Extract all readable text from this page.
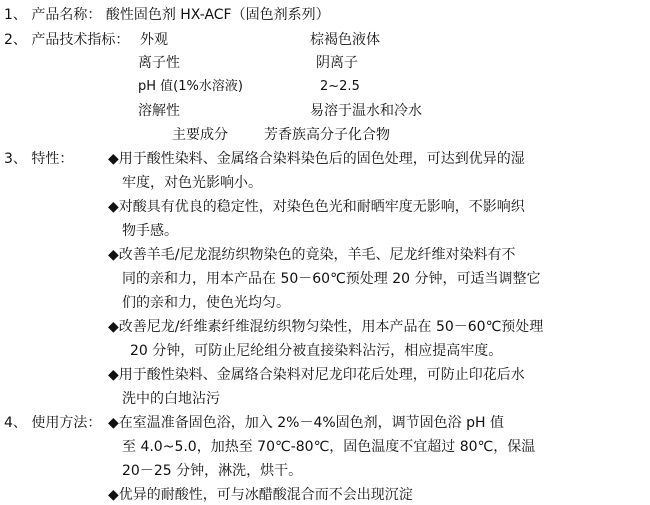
1、 产品名称： 酸性固色剂 HX-ACF（固色剂系列）
2、 产品技术指标： 外观	棕褐色液体
离子性	阴离子
pH 值(1%水溶液)	2~2.5
溶解性	易溶于温水和冷水
主要成分	芳香族高分子化合物
3、 特性： ◆用于酸性染料、金属络合染料染色后的固色处理，可达到优异的湿
牢度，对色光影响小。
◆对酸具有优良的稳定性，对染色色光和耐晒牢度无影响，不影响织
物手感。
◆改善羊毛/尼龙混纺织物染色的竟染，羊毛、尼龙纤维对染料有不
同的亲和力，用本产品在 50－60℃预处理 20 分钟，可适当调整它
们的亲和力，使色光均匀。
◆改善尼龙/纤维素纤维混纺织物匀染性，用本产品在 50－60℃预处理
20 分钟，可防止尼纶组分被直接染料沾污，相应提高牢度。
◆用于酸性染料、金属络合染料对尼龙印花后处理，可防止印花后水
洗中的白地沾污
4、 使用方法： ◆在室温准备固色浴，加入 2%－4%固色剂，调节固色浴 pH 值
至 4.0~5.0，加热至 70℃-80℃，固色温度不宜超过 80℃，保温
20－25 分钟，淋洗，烘干。
◆优异的耐酸性，可与冰醋酸混合而不会出现沉淀
